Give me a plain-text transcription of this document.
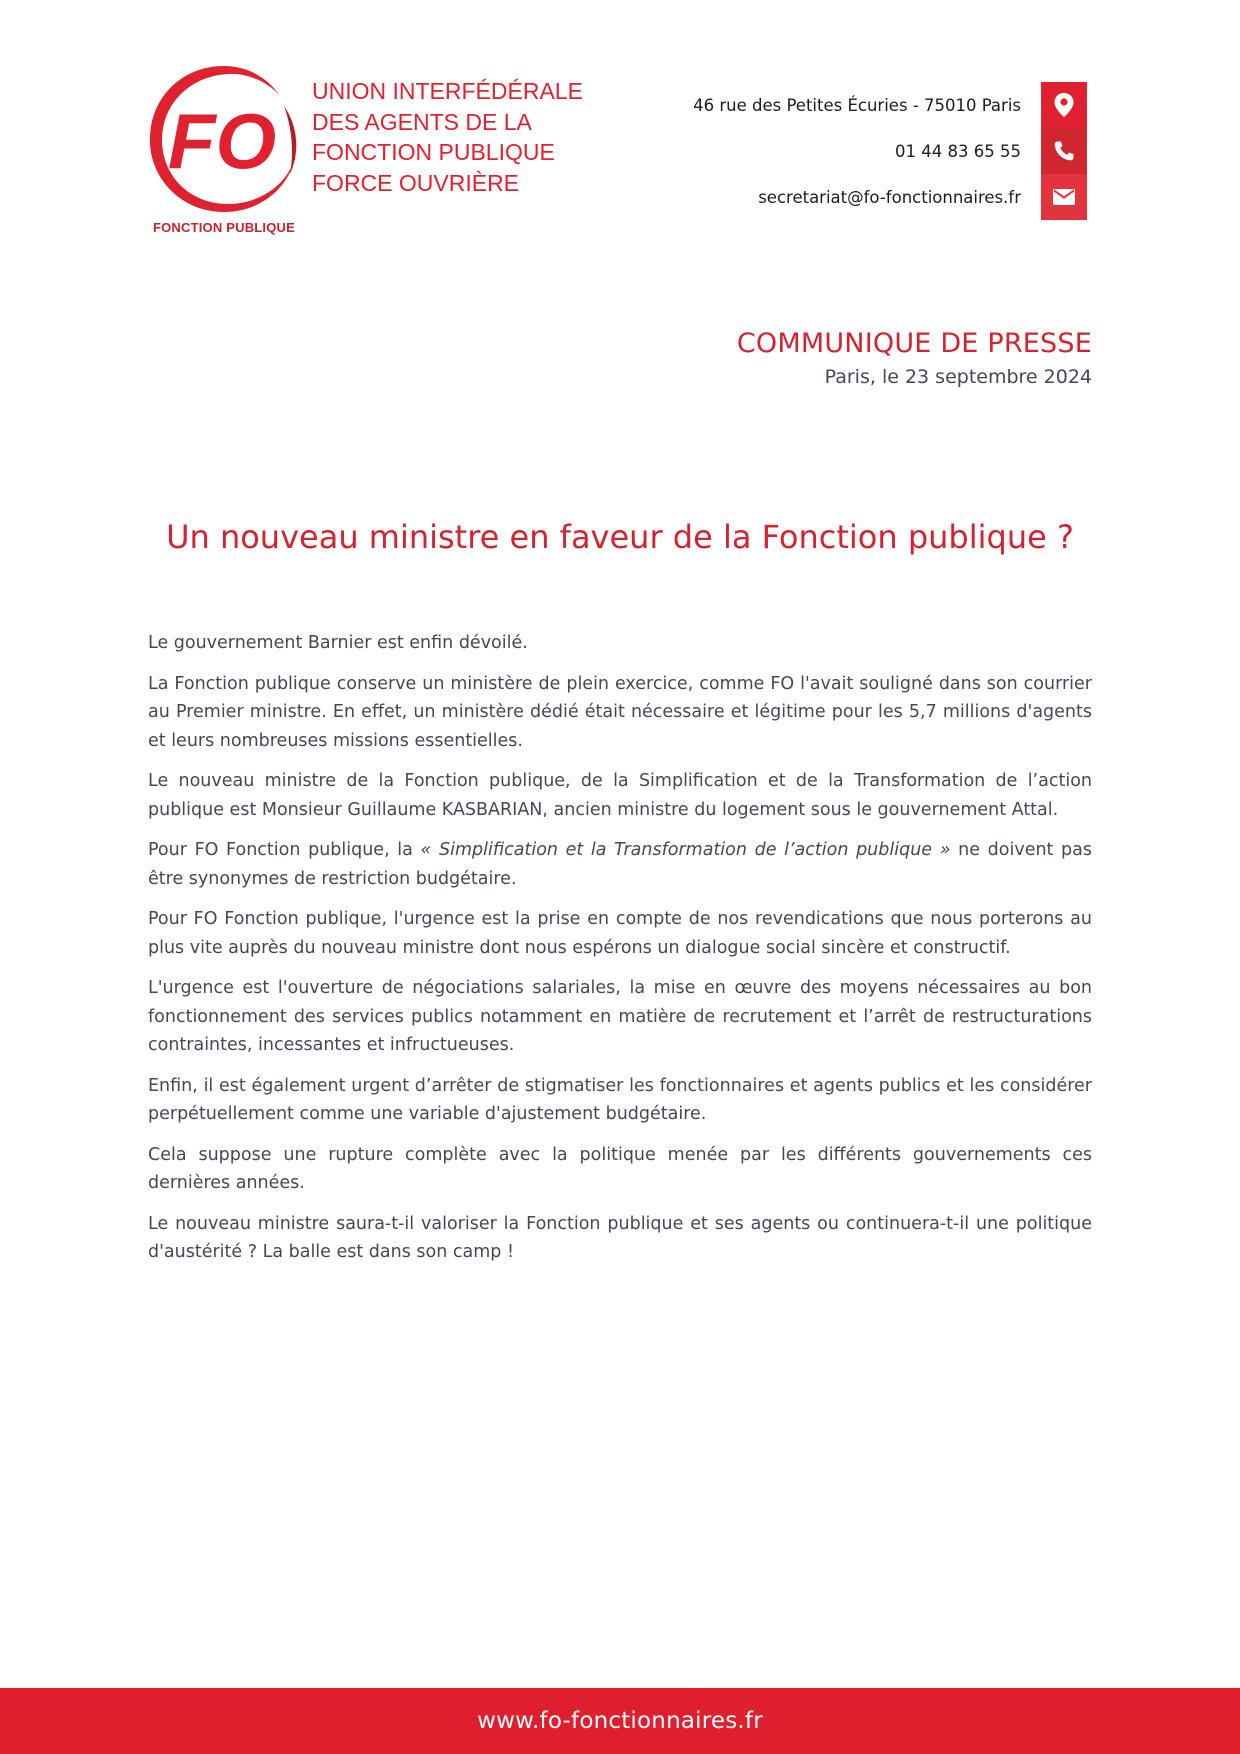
FO
FONCTION PUBLIQUE
UNION INTERFÉDÉRALE
DES AGENTS DE LA
FONCTION PUBLIQUE
FORCE OUVRIÈRE
46 rue des Petites Écuries - 75010 Paris
01 44 83 65 55
secretariat@fo-fonctionnaires.fr
COMMUNIQUE DE PRESSE
Paris, le 23 septembre 2024
Un nouveau ministre en faveur de la Fonction publique ?

Le gouvernement Barnier est enfin dévoilé.

La Fonction publique conserve un ministère de plein exercice, comme FO l'avait souligné dans son courrier au Premier ministre. En effet, un ministère dédié était nécessaire et légitime pour les 5,7 millions d'agents et leurs nombreuses missions essentielles.

Le nouveau ministre de la Fonction publique, de la Simplification et de la Transformation de l’action publique est Monsieur Guillaume KASBARIAN, ancien ministre du logement sous le gouvernement Attal.

Pour FO Fonction publique, la « Simplification et la Transformation de l’action publique » ne doivent pas être synonymes de restriction budgétaire.

Pour FO Fonction publique, l'urgence est la prise en compte de nos revendications que nous porterons au plus vite auprès du nouveau ministre dont nous espérons un dialogue social sincère et constructif.

L'urgence est l'ouverture de négociations salariales, la mise en œuvre des moyens nécessaires au bon fonctionnement des services publics notamment en matière de recrutement et l’arrêt de restructurations contraintes, incessantes et infructueuses.

Enfin, il est également urgent d’arrêter de stigmatiser les fonctionnaires et agents publics et les considérer perpétuellement comme une variable d'ajustement budgétaire.

Cela suppose une rupture complète avec la politique menée par les différents gouvernements ces dernières années.

Le nouveau ministre saura-t-il valoriser la Fonction publique et ses agents ou continuera-t-il une politique d'austérité ? La balle est dans son camp !

www.fo-fonctionnaires.fr
